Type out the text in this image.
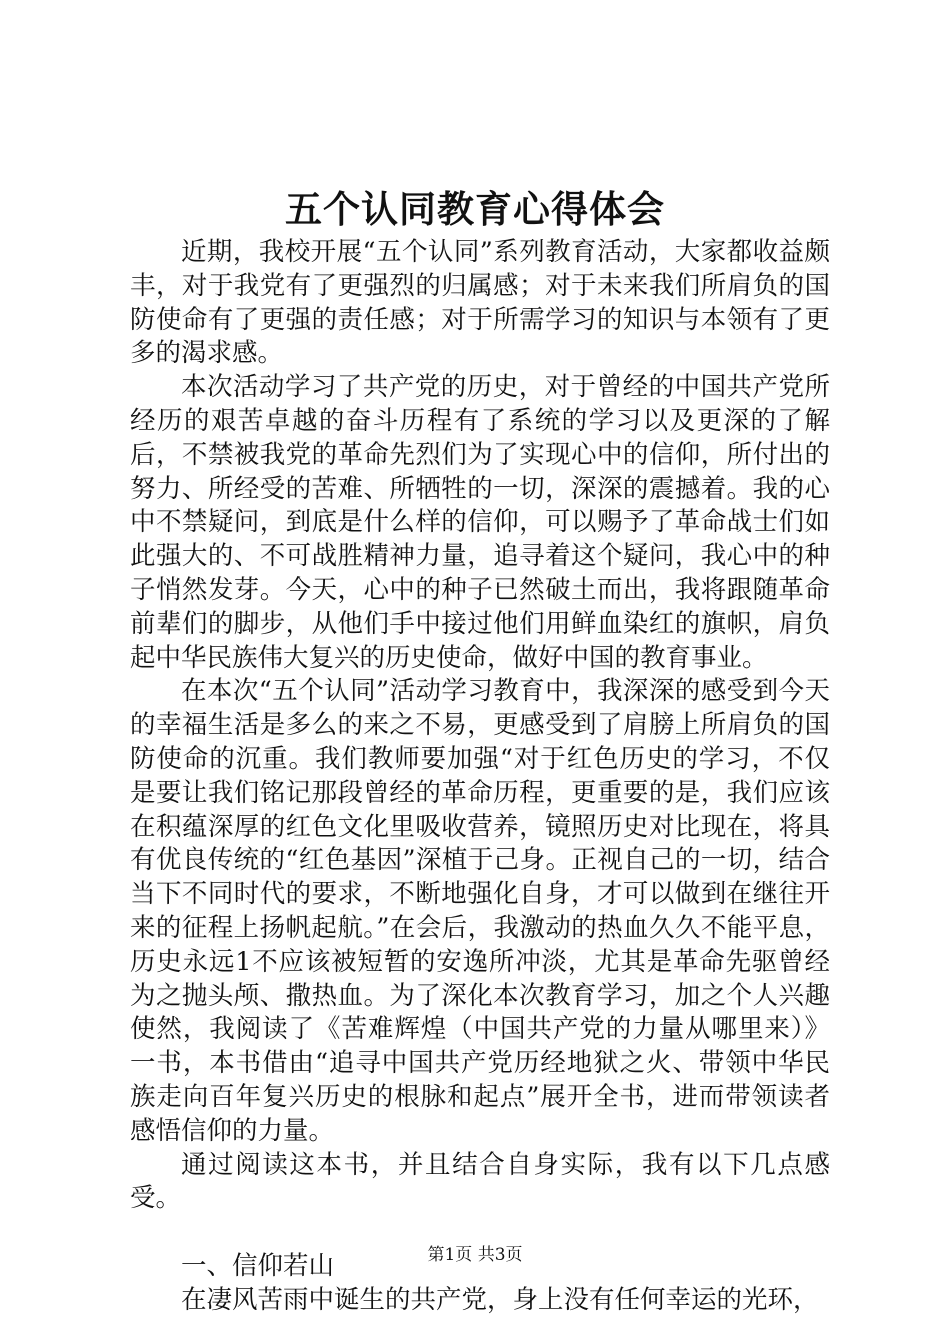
五个认同教育心得体会

近期，我校开展“五个认同”系列教育活动，大家都收益颇丰，对于我党有了更强烈的归属感；对于未来我们所肩负的国防使命有了更强的责任感；对于所需学习的知识与本领有了更多的渴求感。

本次活动学习了共产党的历史，对于曾经的中国共产党所经历的艰苦卓越的奋斗历程有了系统的学习以及更深的了解后，不禁被我党的革命先烈们为了实现心中的信仰，所付出的努力、所经受的苦难、所牺牲的一切，深深的震撼着。我的心中不禁疑问，到底是什么样的信仰，可以赐予了革命战士们如此强大的、不可战胜精神力量，追寻着这个疑问，我心中的种子悄然发芽。今天，心中的种子已然破土而出，我将跟随革命前辈们的脚步，从他们手中接过他们用鲜血染红的旗帜，肩负起中华民族伟大复兴的历史使命，做好中国的教育事业。

在本次“五个认同”活动学习教育中，我深深的感受到今天的幸福生活是多么的来之不易，更感受到了肩膀上所肩负的国防使命的沉重。我们教师要加强“对于红色历史的学习，不仅是要让我们铭记那段曾经的革命历程，更重要的是，我们应该在积蕴深厚的红色文化里吸收营养，镜照历史对比现在，将具有优良传统的“红色基因”深植于己身。正视自己的一切，结合当下不同时代的要求，不断地强化自身，才可以做到在继往开来的征程上扬帆起航。”在会后，我激动的热血久久不能平息，历史永远1不应该被短暂的安逸所冲淡，尤其是革命先驱曾经为之抛头颅、撒热血。为了深化本次教育学习，加之个人兴趣使然，我阅读了《苦难辉煌（中国共产党的力量从哪里来）》一书，本书借由“追寻中国共产党历经地狱之火、带领中华民族走向百年复兴历史的根脉和起点”展开全书，进而带领读者感悟信仰的力量。

通过阅读这本书，并且结合自身实际，我有以下几点感受。

一、信仰若山

在凄风苦雨中诞生的共产党，身上没有任何幸运的光环，

第1页 共3页
